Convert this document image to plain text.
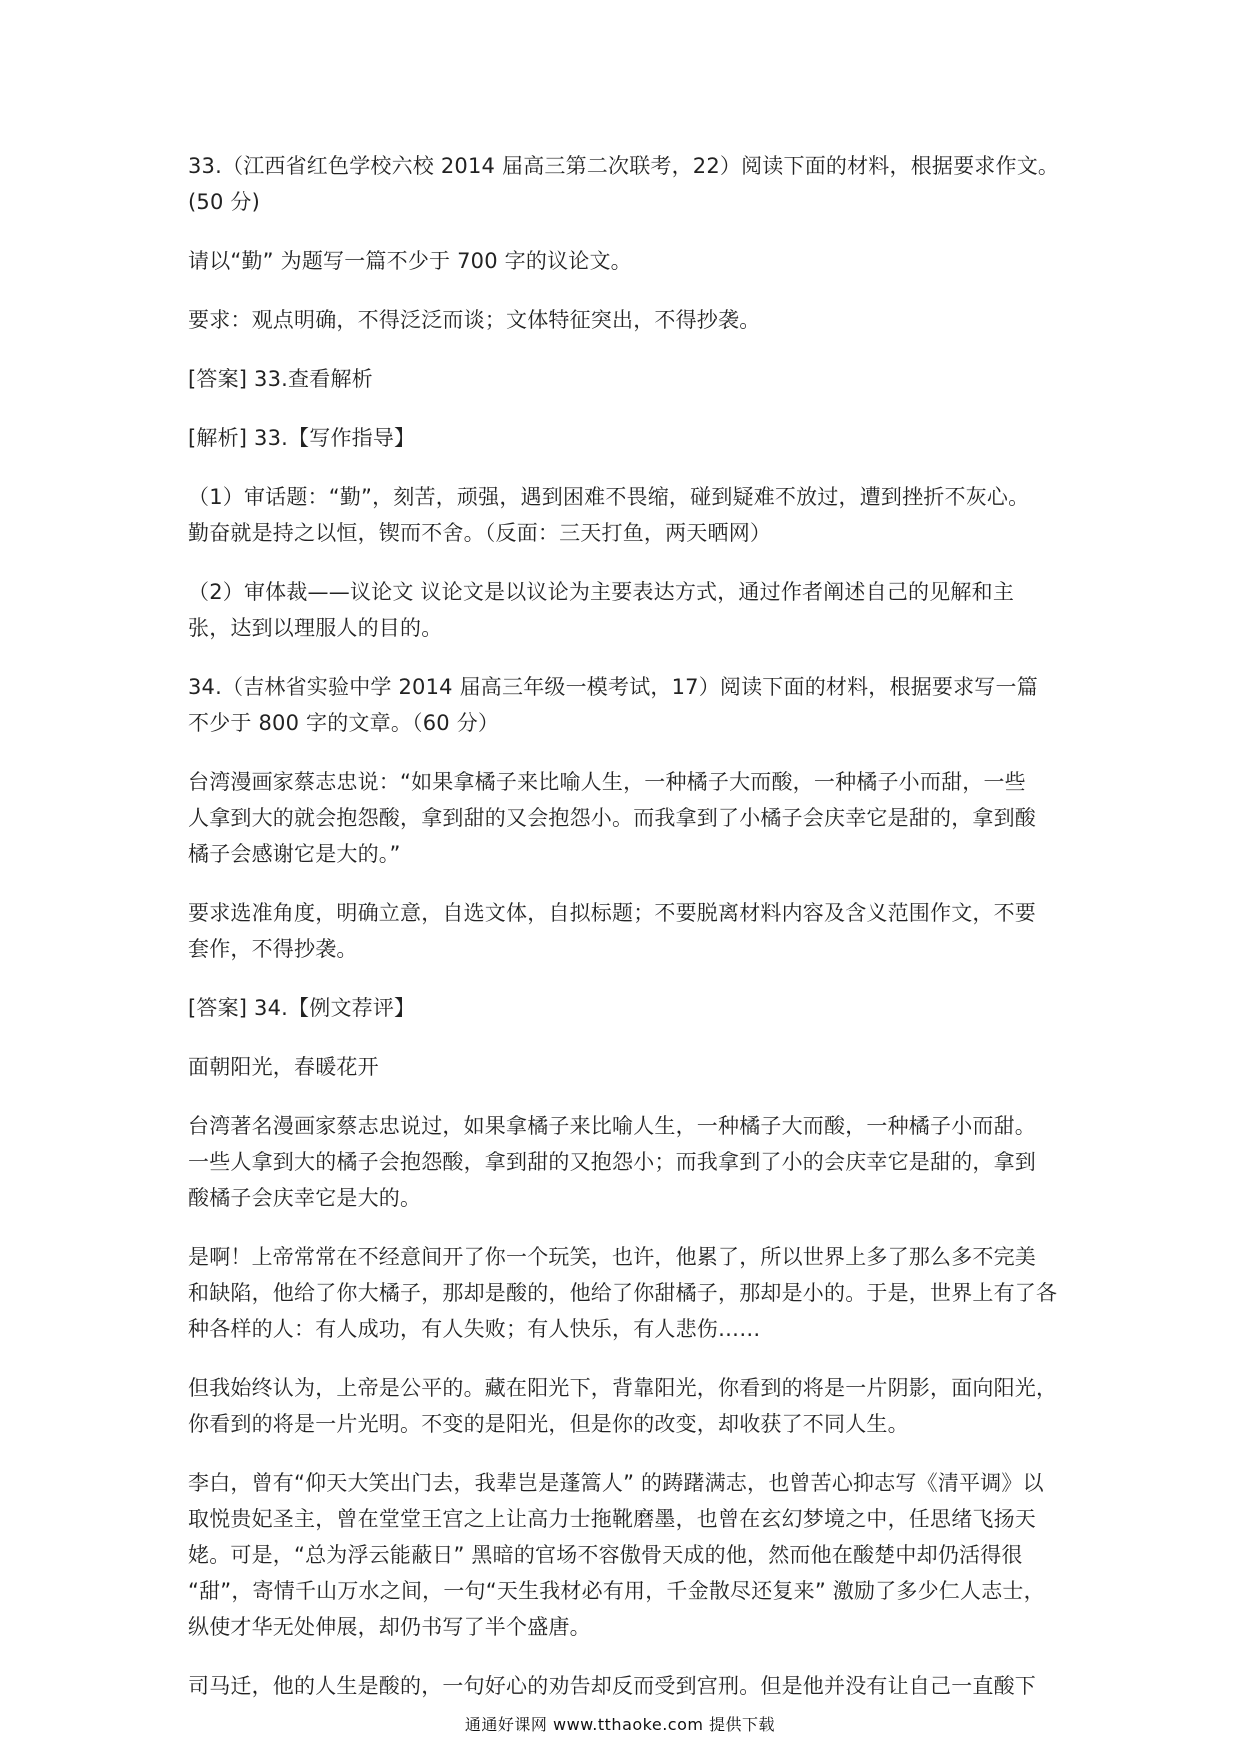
33.（江西省红色学校六校 2014 届高三第二次联考，22）阅读下面的材料，根据要求作文。
(50 分)
请以“勤” 为题写一篇不少于 700 字的议论文。
要求：观点明确，不得泛泛而谈；文体特征突出，不得抄袭。
[答案] 33.查看解析
[解析] 33.【写作指导】
（1）审话题：“勤”，刻苦，顽强，遇到困难不畏缩，碰到疑难不放过，遭到挫折不灰心。
勤奋就是持之以恒，锲而不舍。（反面：三天打鱼，两天晒网）
（2）审体裁——议论文 议论文是以议论为主要表达方式，通过作者阐述自己的见解和主
张，达到以理服人的目的。
34.（吉林省实验中学 2014 届高三年级一模考试，17）阅读下面的材料，根据要求写一篇
不少于 800 字的文章。（60 分）
台湾漫画家蔡志忠说：“如果拿橘子来比喻人生，一种橘子大而酸，一种橘子小而甜，一些
人拿到大的就会抱怨酸，拿到甜的又会抱怨小。而我拿到了小橘子会庆幸它是甜的，拿到酸
橘子会感谢它是大的。”
要求选准角度，明确立意，自选文体，自拟标题；不要脱离材料内容及含义范围作文，不要
套作，不得抄袭。
[答案] 34.【例文荐评】
面朝阳光，春暖花开
台湾著名漫画家蔡志忠说过，如果拿橘子来比喻人生，一种橘子大而酸，一种橘子小而甜。
一些人拿到大的橘子会抱怨酸，拿到甜的又抱怨小；而我拿到了小的会庆幸它是甜的，拿到
酸橘子会庆幸它是大的。
是啊！上帝常常在不经意间开了你一个玩笑，也许，他累了，所以世界上多了那么多不完美
和缺陷，他给了你大橘子，那却是酸的，他给了你甜橘子，那却是小的。于是，世界上有了各
种各样的人：有人成功，有人失败；有人快乐，有人悲伤……
但我始终认为，上帝是公平的。藏在阳光下，背靠阳光，你看到的将是一片阴影，面向阳光，
你看到的将是一片光明。不变的是阳光，但是你的改变，却收获了不同人生。
李白，曾有“仰天大笑出门去，我辈岂是蓬篙人” 的踌躇满志，也曾苦心抑志写《清平调》以
取悦贵妃圣主，曾在堂堂王宫之上让高力士拖靴磨墨，也曾在玄幻梦境之中，任思绪飞扬天
姥。可是，“总为浮云能蔽日” 黑暗的官场不容傲骨天成的他，然而他在酸楚中却仍活得很
“甜”，寄情千山万水之间，一句“天生我材必有用，千金散尽还复来” 激励了多少仁人志士，
纵使才华无处伸展，却仍书写了半个盛唐。
司马迁，他的人生是酸的，一句好心的劝告却反而受到宫刑。但是他并没有让自己一直酸下
通通好课网 www.tthaoke.com 提供下载
